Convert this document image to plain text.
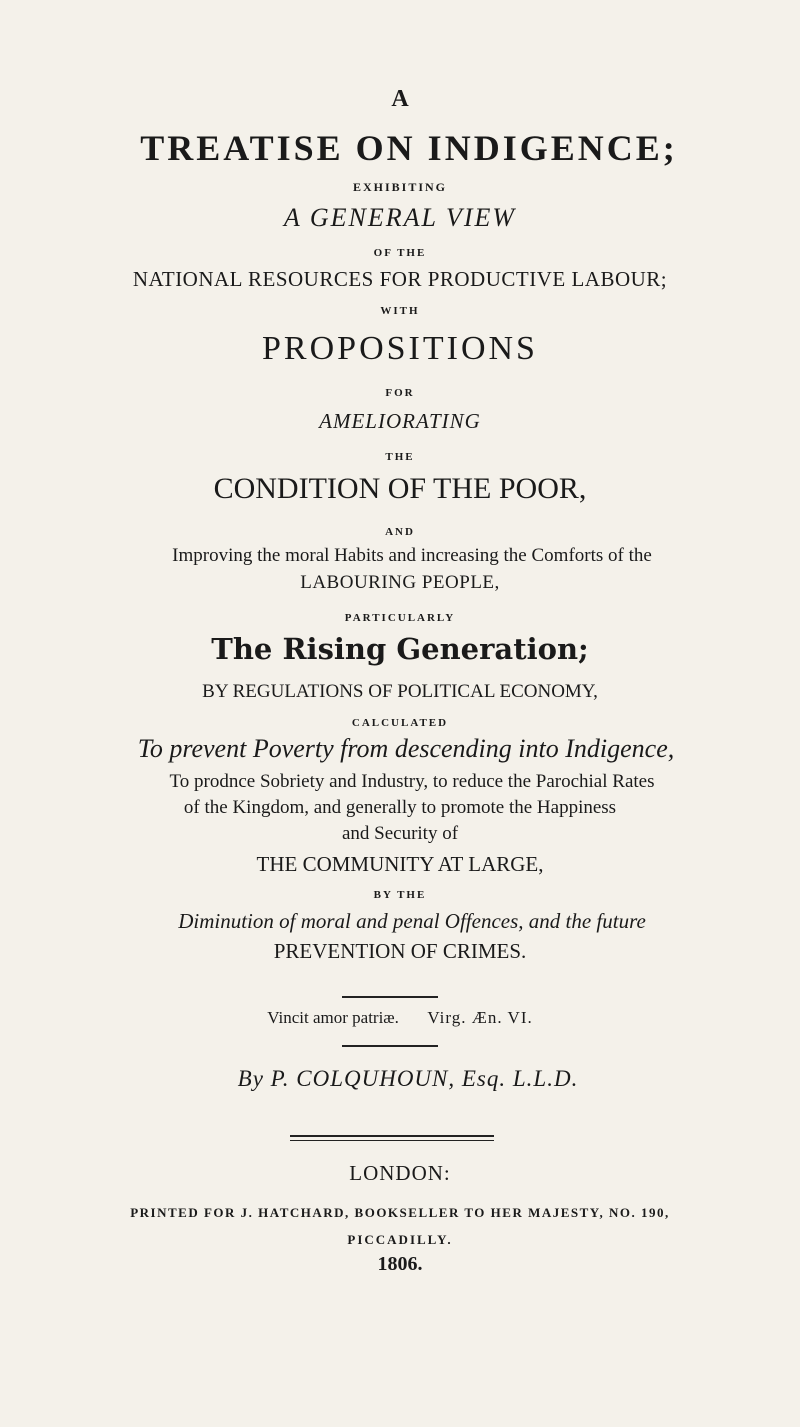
A
TREATISE ON INDIGENCE;
EXHIBITING
A GENERAL VIEW
OF THE
NATIONAL RESOURCES FOR PRODUCTIVE LABOUR;
WITH
PROPOSITIONS
FOR
AMELIORATING
THE
CONDITION OF THE POOR,
AND
Improving the moral Habits and increasing the Comforts of the
LABOURING PEOPLE,
PARTICULARLY
The Rising Generation;
BY REGULATIONS OF POLITICAL ECONOMY,
CALCULATED
To prevent Poverty from descending into Indigence,
To prodnce Sobriety and Industry, to reduce the Parochial Rates
of the Kingdom, and generally to promote the Happiness
and Security of
THE COMMUNITY AT LARGE,
BY THE
Diminution of moral and penal Offences, and the future
PREVENTION OF CRIMES.
Vincit amor patriæ. Virg. Æn. VI.
By P. COLQUHOUN, Esq. L.L.D.
LONDON:
PRINTED FOR J. HATCHARD, BOOKSELLER TO HER MAJESTY, NO. 190,
PICCADILLY.
1806.
